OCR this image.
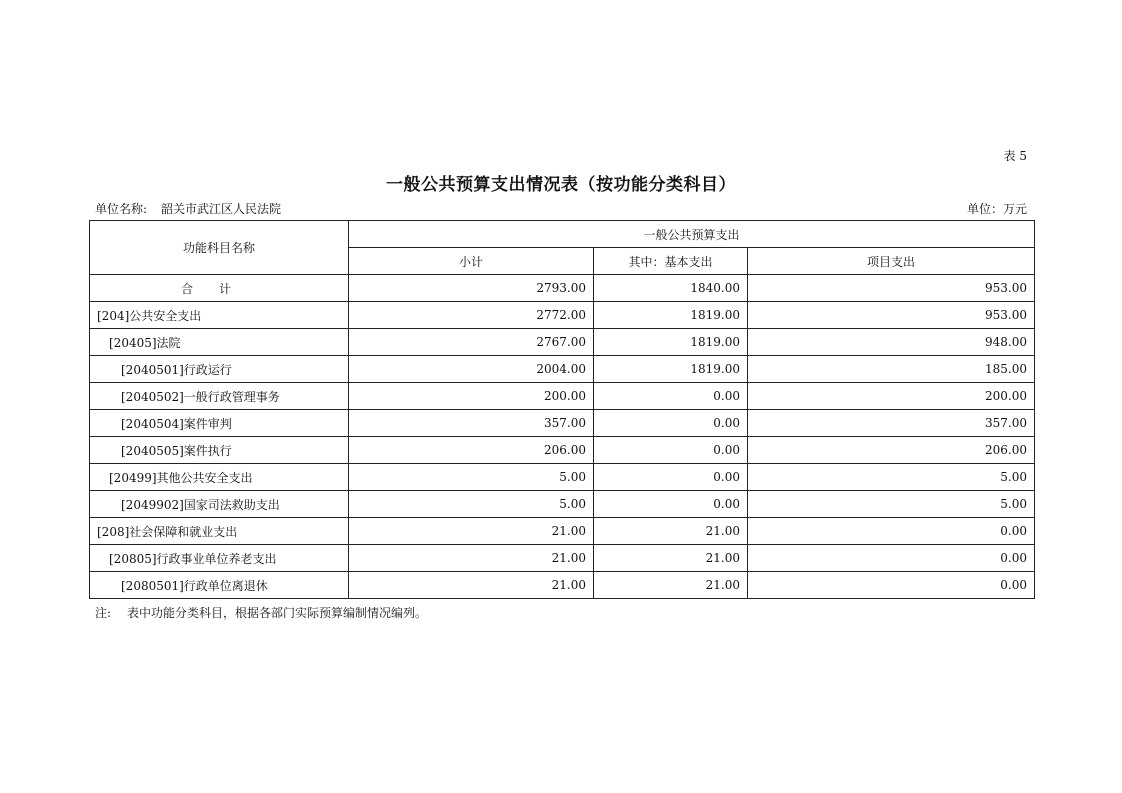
表 5
一般公共预算支出情况表（按功能分类科目）
单位名称: 韶关市武江区人民法院	单位：万元
功能科目名称	一般公共预算支出		
	小计	其中：基本支出	项目支出
合计	2793.00	1840.00	953.00
[204]公共安全支出	2772.00	1819.00	953.00
[20405]法院	2767.00	1819.00	948.00
[2040501]行政运行	2004.00	1819.00	185.00
[2040502]一般行政管理事务	200.00	0.00	200.00
[2040504]案件审判	357.00	0.00	357.00
[2040505]案件执行	206.00	0.00	206.00
[20499]其他公共安全支出	5.00	0.00	5.00
[2049902]国家司法救助支出	5.00	0.00	5.00
[208]社会保障和就业支出	21.00	21.00	0.00
[20805]行政事业单位养老支出	21.00	21.00	0.00
[2080501]行政单位离退休	21.00	21.00	0.00
注: 表中功能分类科目，根据各部门实际预算编制情况编列。
